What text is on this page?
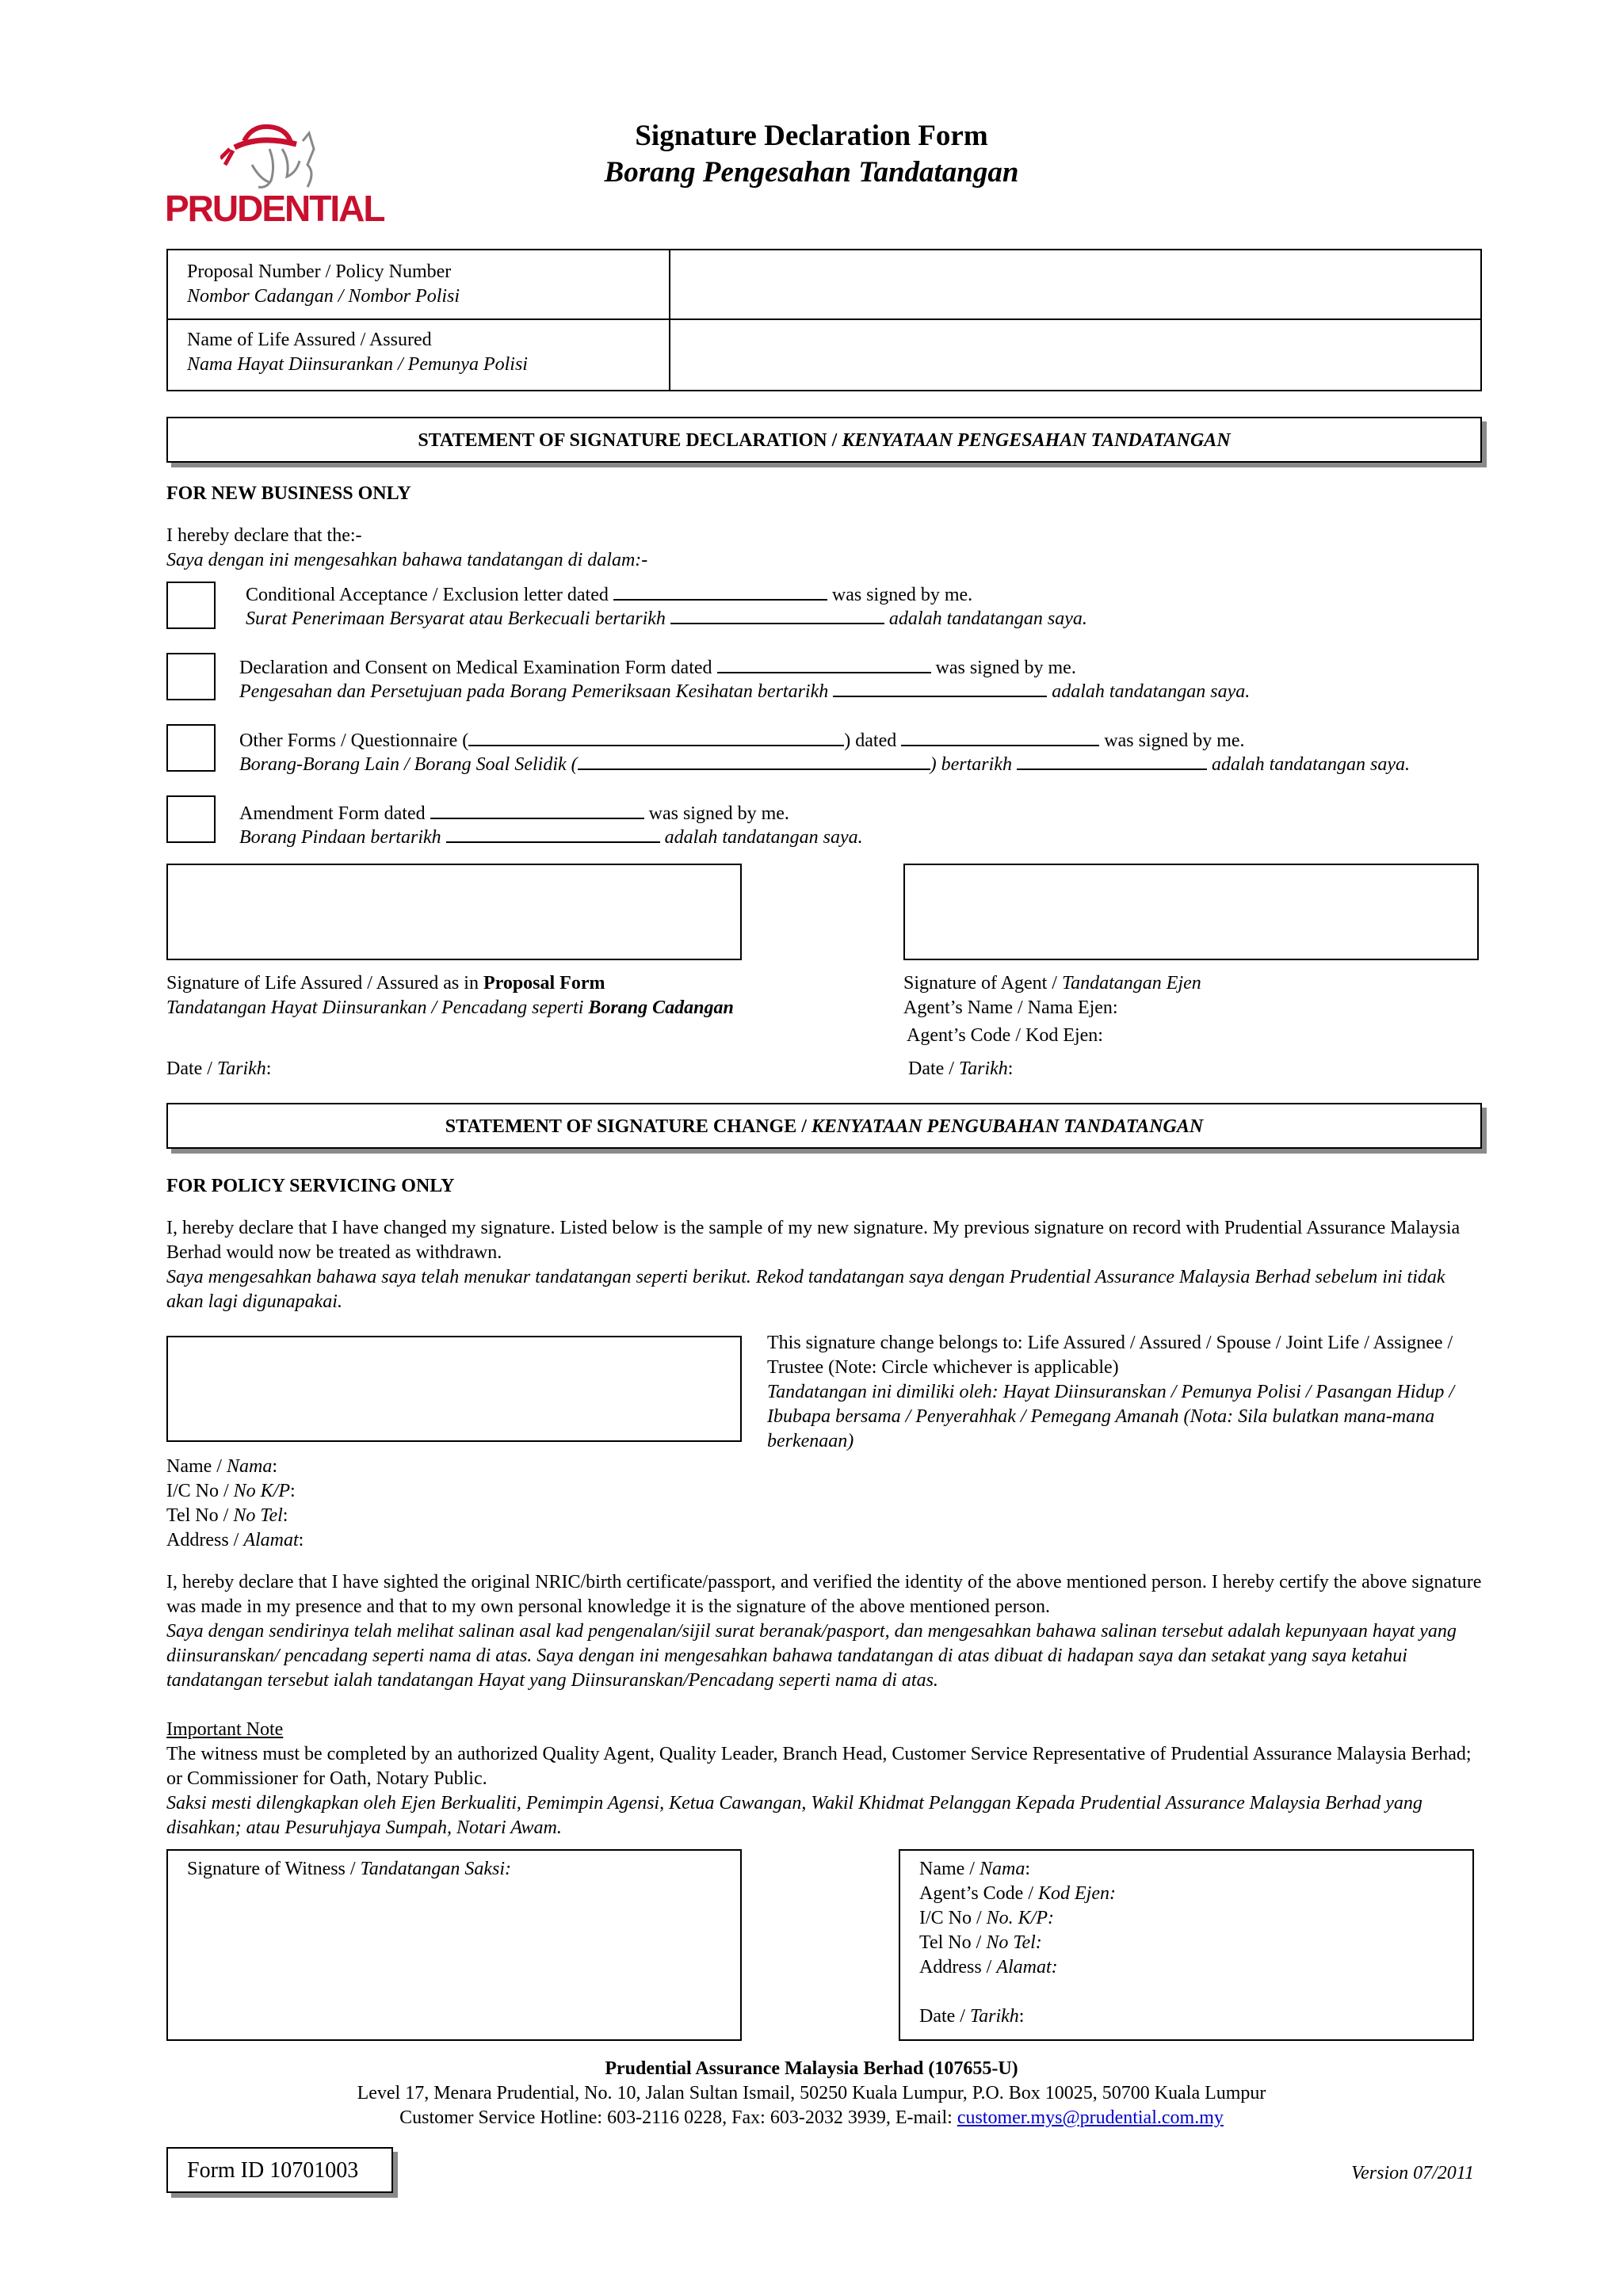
PRUDENTIAL
Signature Declaration Form
Borang Pengesahan Tandatangan
Proposal Number / Policy Number
Nombor Cadangan / Nombor Polisi
Name of Life Assured / Assured
Nama Hayat Diinsurankan / Pemunya Polisi
STATEMENT OF SIGNATURE DECLARATION / KENYATAAN PENGESAHAN TANDATANGAN
FOR NEW BUSINESS ONLY
I hereby declare that the:-
Saya dengan ini mengesahkan bahawa tandatangan di dalam:-
Conditional Acceptance / Exclusion letter dated	was signed by me.
Surat Penerimaan Bersyarat atau Berkecuali bertarikh	adalah tandatangan saya.
Declaration and Consent on Medical Examination Form dated	was signed by me.
Pengesahan dan Persetujuan pada Borang Pemeriksaan Kesihatan bertarikh	adalah tandatangan saya.
Other Forms / Questionnaire (	) dated	was signed by me.
Borang-Borang Lain / Borang Soal Selidik (	) bertarikh	adalah tandatangan saya.
Amendment Form dated	was signed by me.
Borang Pindaan bertarikh	adalah tandatangan saya.
Signature of Life Assured / Assured as in Proposal Form
Tandatangan Hayat Diinsurankan / Pencadang seperti Borang Cadangan
Signature of Agent / Tandatangan Ejen
Agent’s Name / Nama Ejen:
Agent’s Code / Kod Ejen:
Date / Tarikh:	Date / Tarikh:
STATEMENT OF SIGNATURE CHANGE / KENYATAAN PENGUBAHAN TANDATANGAN
FOR POLICY SERVICING ONLY
I, hereby declare that I have changed my signature. Listed below is the sample of my new signature. My previous signature on record with Prudential Assurance Malaysia Berhad would now be treated as withdrawn.
Saya mengesahkan bahawa saya telah menukar tandatangan seperti berikut. Rekod tandatangan saya dengan Prudential Assurance Malaysia Berhad sebelum ini tidak akan lagi digunapakai.
This signature change belongs to: Life Assured / Assured / Spouse / Joint Life / Assignee / Trustee (Note: Circle whichever is applicable)
Tandatangan ini dimiliki oleh: Hayat Diinsuranskan / Pemunya Polisi / Pasangan Hidup / Ibubapa bersama / Penyerahhak / Pemegang Amanah (Nota: Sila bulatkan mana-mana berkenaan)
Name / Nama:
I/C No / No K/P:
Tel No / No Tel:
Address / Alamat:
I, hereby declare that I have sighted the original NRIC/birth certificate/passport, and verified the identity of the above mentioned person. I hereby certify the above signature was made in my presence and that to my own personal knowledge it is the signature of the above mentioned person.
Saya dengan sendirinya telah melihat salinan asal kad pengenalan/sijil surat beranak/pasport, dan mengesahkan bahawa salinan tersebut adalah kepunyaan hayat yang diinsuranskan/ pencadang seperti nama di atas. Saya dengan ini mengesahkan bahawa tandatangan di atas dibuat di hadapan saya dan setakat yang saya ketahui tandatangan tersebut ialah tandatangan Hayat yang Diinsuranskan/Pencadang seperti nama di atas.
Important Note
The witness must be completed by an authorized Quality Agent, Quality Leader, Branch Head, Customer Service Representative of Prudential Assurance Malaysia Berhad; or Commissioner for Oath, Notary Public.
Saksi mesti dilengkapkan oleh Ejen Berkualiti, Pemimpin Agensi, Ketua Cawangan, Wakil Khidmat Pelanggan Kepada Prudential Assurance Malaysia Berhad yang disahkan; atau Pesuruhjaya Sumpah, Notari Awam.
Signature of Witness / Tandatangan Saksi:	Name / Nama:
Agent’s Code / Kod Ejen:
I/C No / No. K/P:
Tel No / No Tel:
Address / Alamat:
Date / Tarikh:
Prudential Assurance Malaysia Berhad (107655-U)
Level 17, Menara Prudential, No. 10, Jalan Sultan Ismail, 50250 Kuala Lumpur, P.O. Box 10025, 50700 Kuala Lumpur
Customer Service Hotline: 603-2116 0228, Fax: 603-2032 3939, E-mail: customer.mys@prudential.com.my
Form ID 10701003	Version 07/2011
